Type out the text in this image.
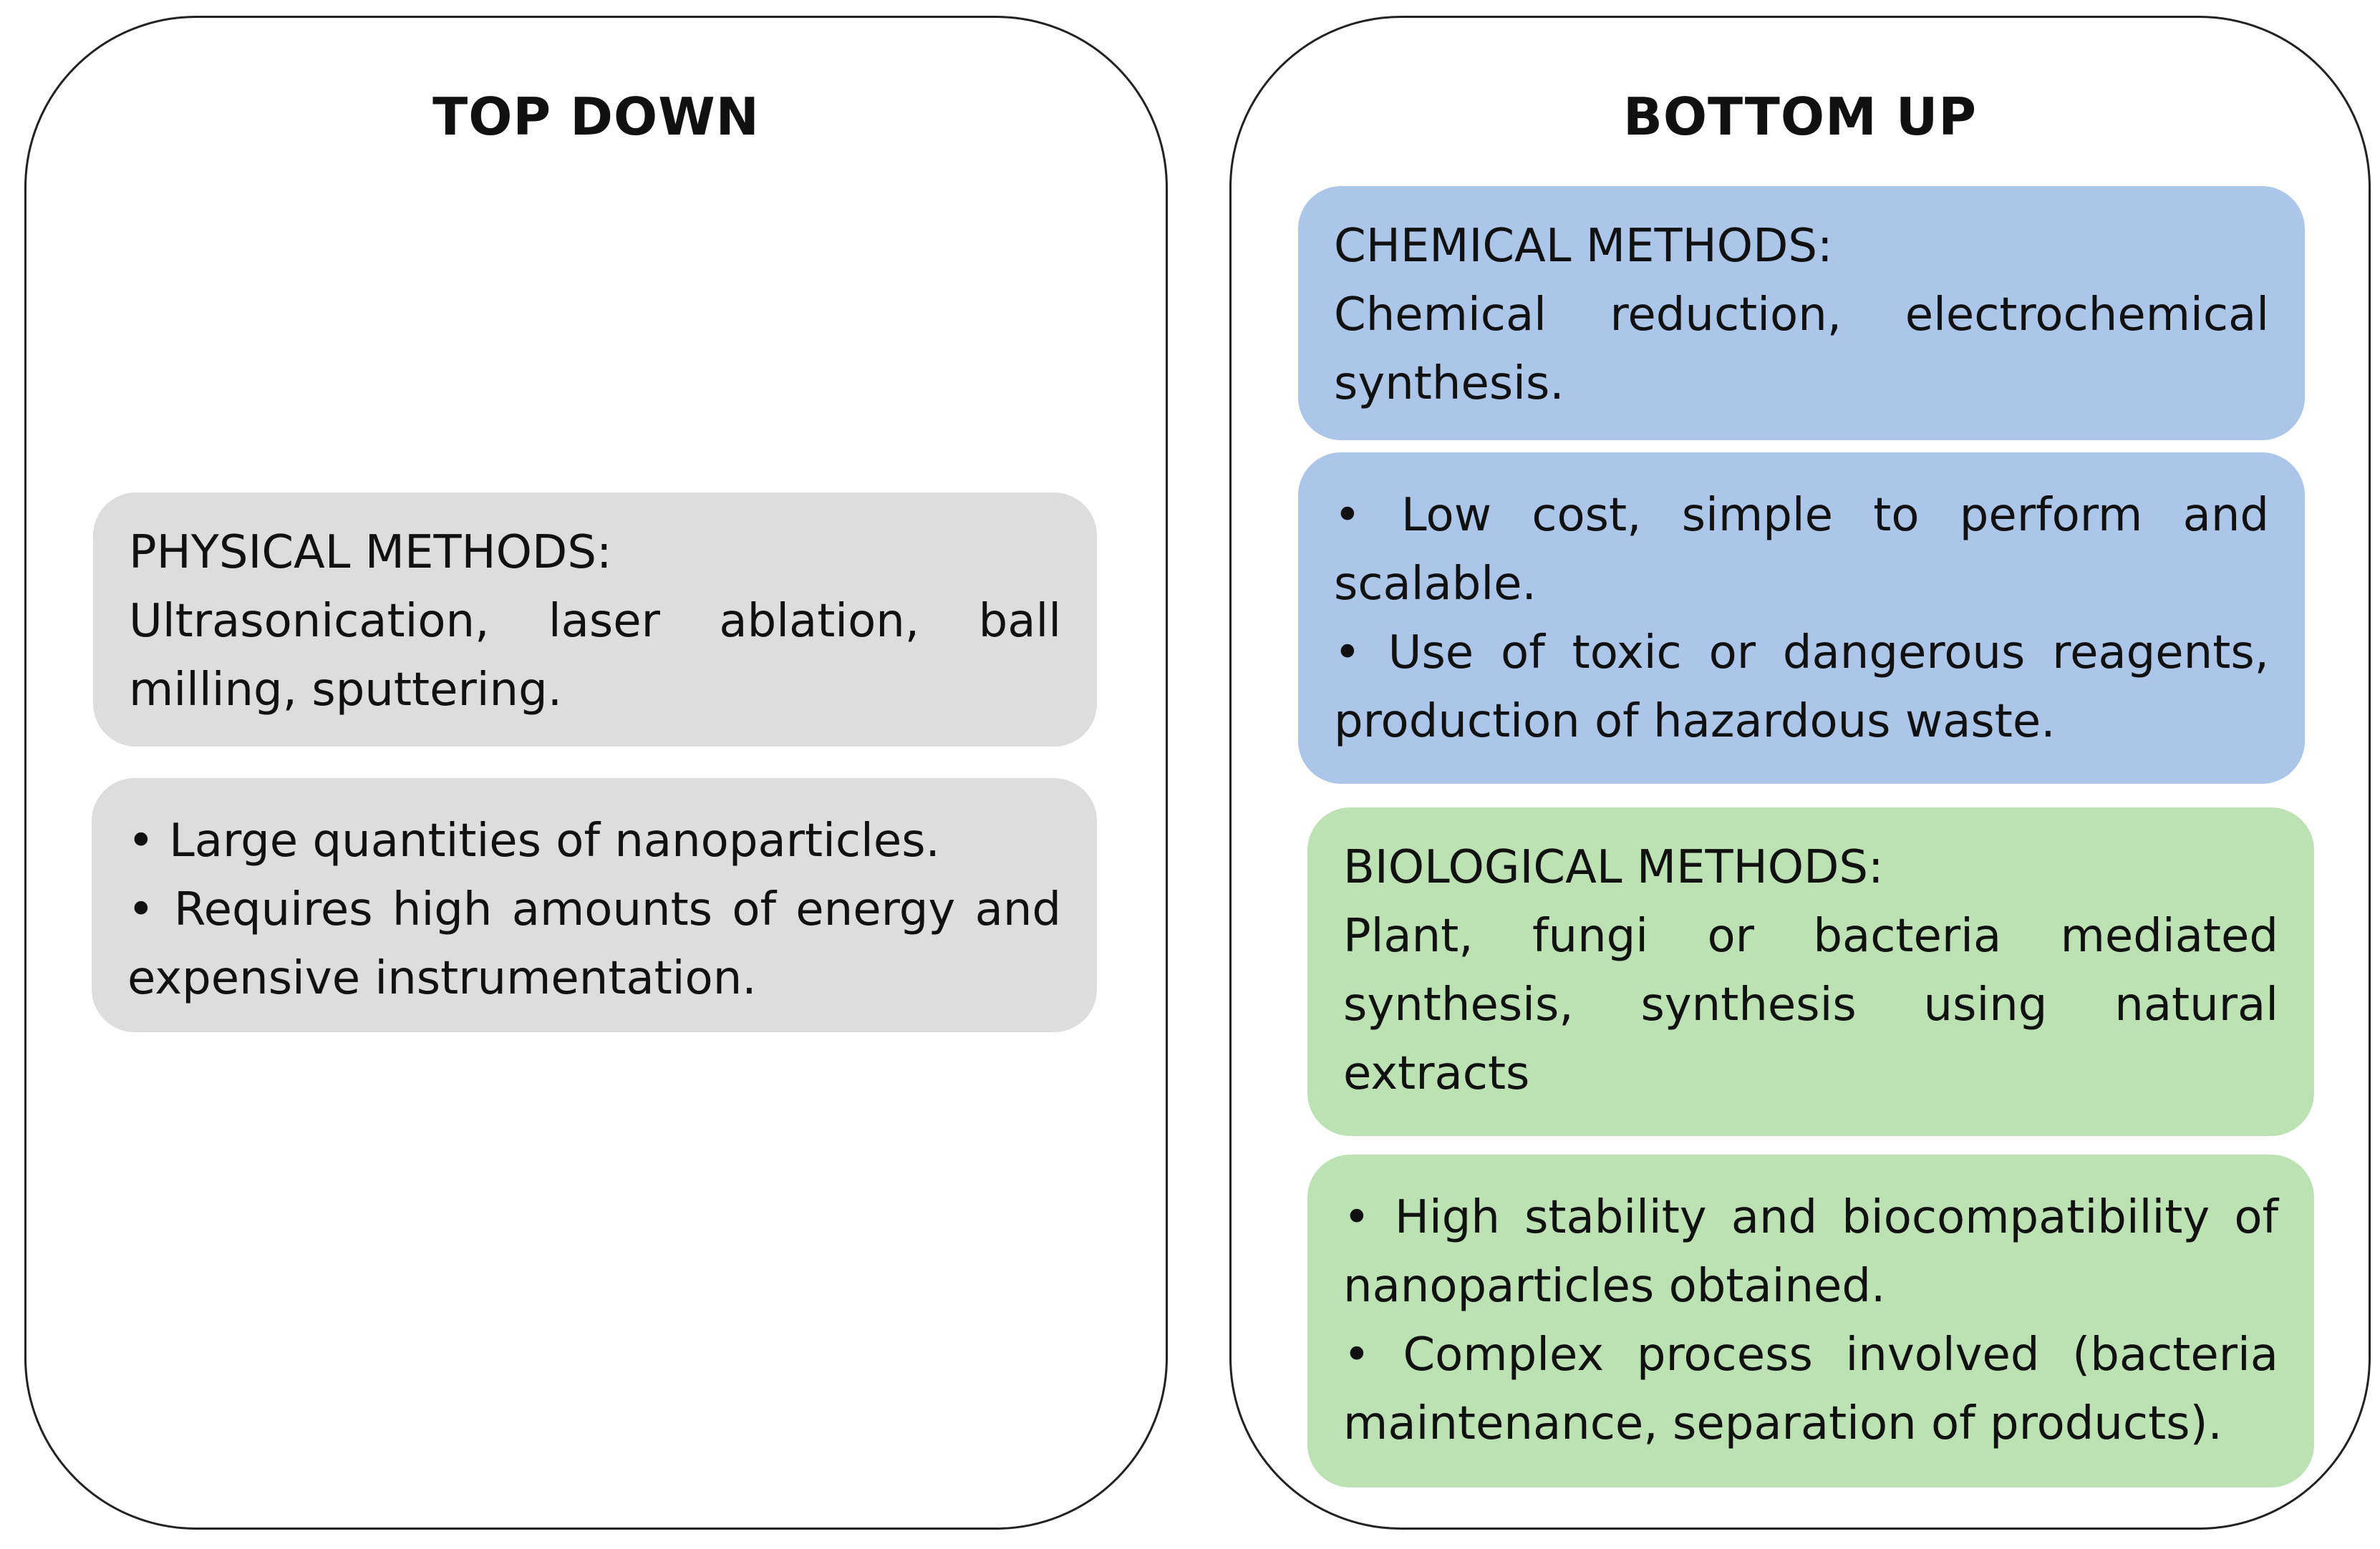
TOP DOWN	BOTTOM UP
PHYSICAL METHODS:
Ultrasonication, laser ablation, ball milling, sputtering.
• Large quantities of nanoparticles.
• Requires high amounts of energy and expensive instrumentation.
CHEMICAL METHODS:
Chemical reduction, electrochemical synthesis.
• Low cost, simple to perform and scalable.
• Use of toxic or dangerous reagents, production of hazardous waste.
BIOLOGICAL METHODS:
Plant, fungi or bacteria mediated synthesis, synthesis using natural extracts
• High stability and biocompatibility of nanoparticles obtained.
• Complex process involved (bacteria maintenance, separation of products).
